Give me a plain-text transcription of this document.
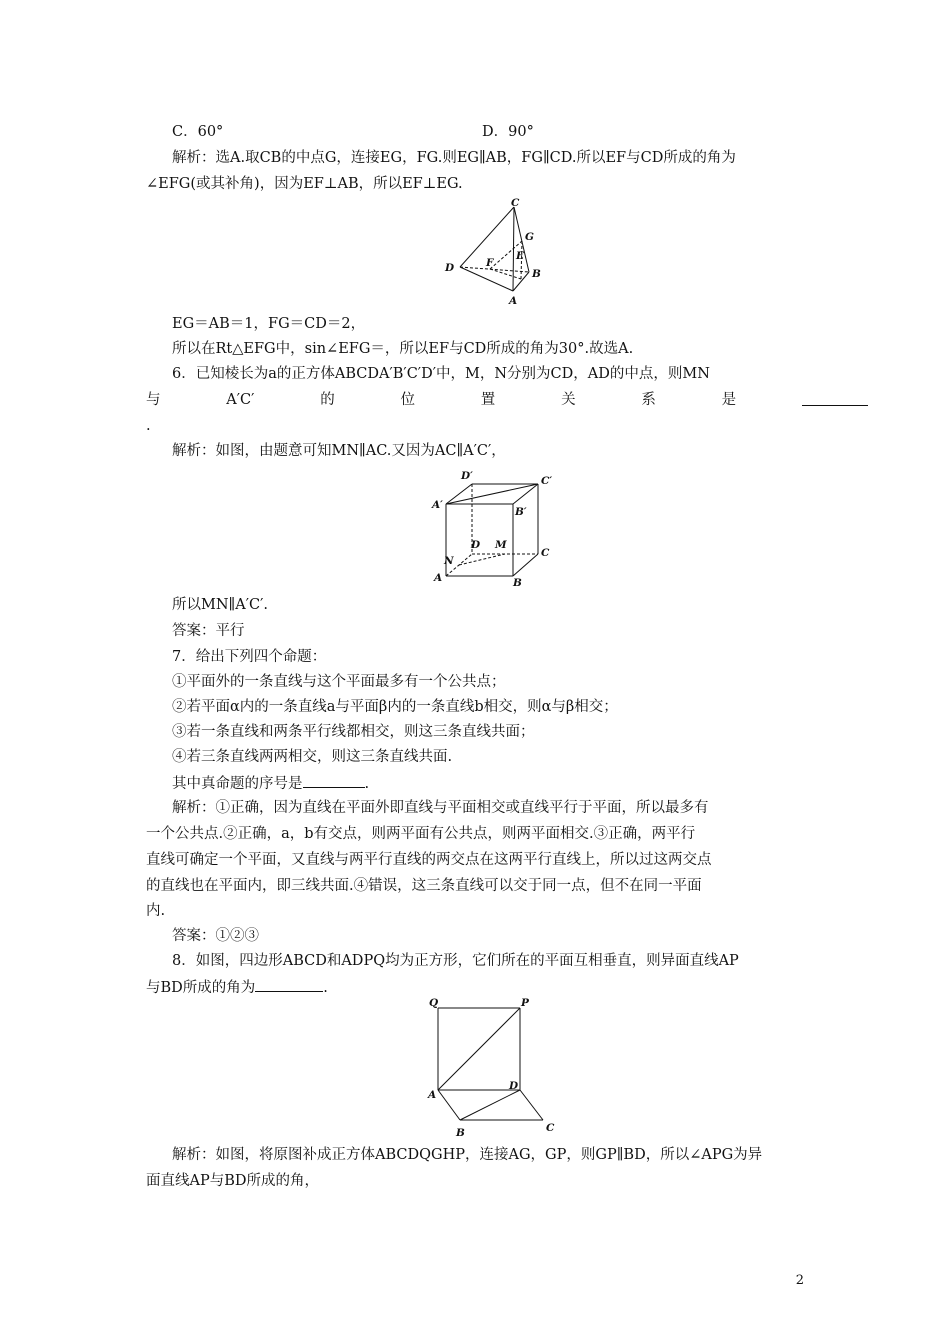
C．60°	D．90°
解析：选A.取CB的中点G，连接EG，FG.则EG∥AB，FG∥CD.所以EF与CD所成的角为
∠EFG(或其补角)，因为EF⊥AB，所以EF⊥EG.
C
G
D	F
E
B
A
EG＝AB＝1，FG＝CD＝2，
所以在Rt△EFG中，sin∠EFG＝，所以EF与CD所成的角为30°.故选A.
6．已知棱长为a的正方体ABCDA′B′C′D′中，M，N分别为CD，AD的中点，则MN
与	A′C′	的	位	置	关	系	是
.
解析：如图，由题意可知MN∥AC.又因为AC∥A′C′，
D′	C′
A′
B′
D M
N
C
A	B
所以MN∥A′C′.
答案：平行
7．给出下列四个命题：
①平面外的一条直线与这个平面最多有一个公共点；
②若平面α内的一条直线a与平面β内的一条直线b相交，则α与β相交；
③若一条直线和两条平行线都相交，则这三条直线共面；
④若三条直线两两相交，则这三条直线共面.
其中真命题的序号是	.
解析：①正确，因为直线在平面外即直线与平面相交或直线平行于平面，所以最多有
一个公共点.②正确，a，b有交点，则两平面有公共点，则两平面相交.③正确，两平行
直线可确定一个平面，又直线与两平行直线的两交点在这两平行直线上，所以过这两交点
的直线也在平面内，即三线共面.④错误，这三条直线可以交于同一点，但不在同一平面
内.
答案：①②③
8．如图，四边形ABCD和ADPQ均为正方形，它们所在的平面互相垂直，则异面直线AP
与BD所成的角为	.
Q	P
A
D
B	C
解析：如图，将原图补成正方体ABCDQGHP，连接AG，GP，则GP∥BD，所以∠APG为异
面直线AP与BD所成的角，
2
